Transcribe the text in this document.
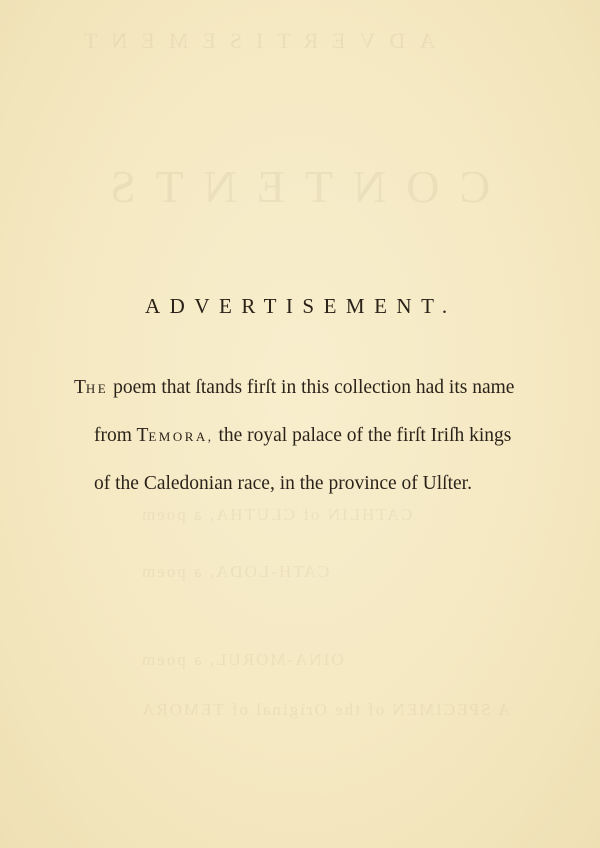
ADVERTISEMENT
CONTENTS
CATHLIN of CLUTHA, a poem
CATH-LODA, a poem
OINA-MORUL, a poem
A SPECIMEN of the Original of TEMORA
ADVERTISEMENT.

THE poem that ſtands firſt in this collection had its name
from TEMORA, the royal palace of the firſt Iriſh kings
of the Caledonian race, in the province of Ulſter.
